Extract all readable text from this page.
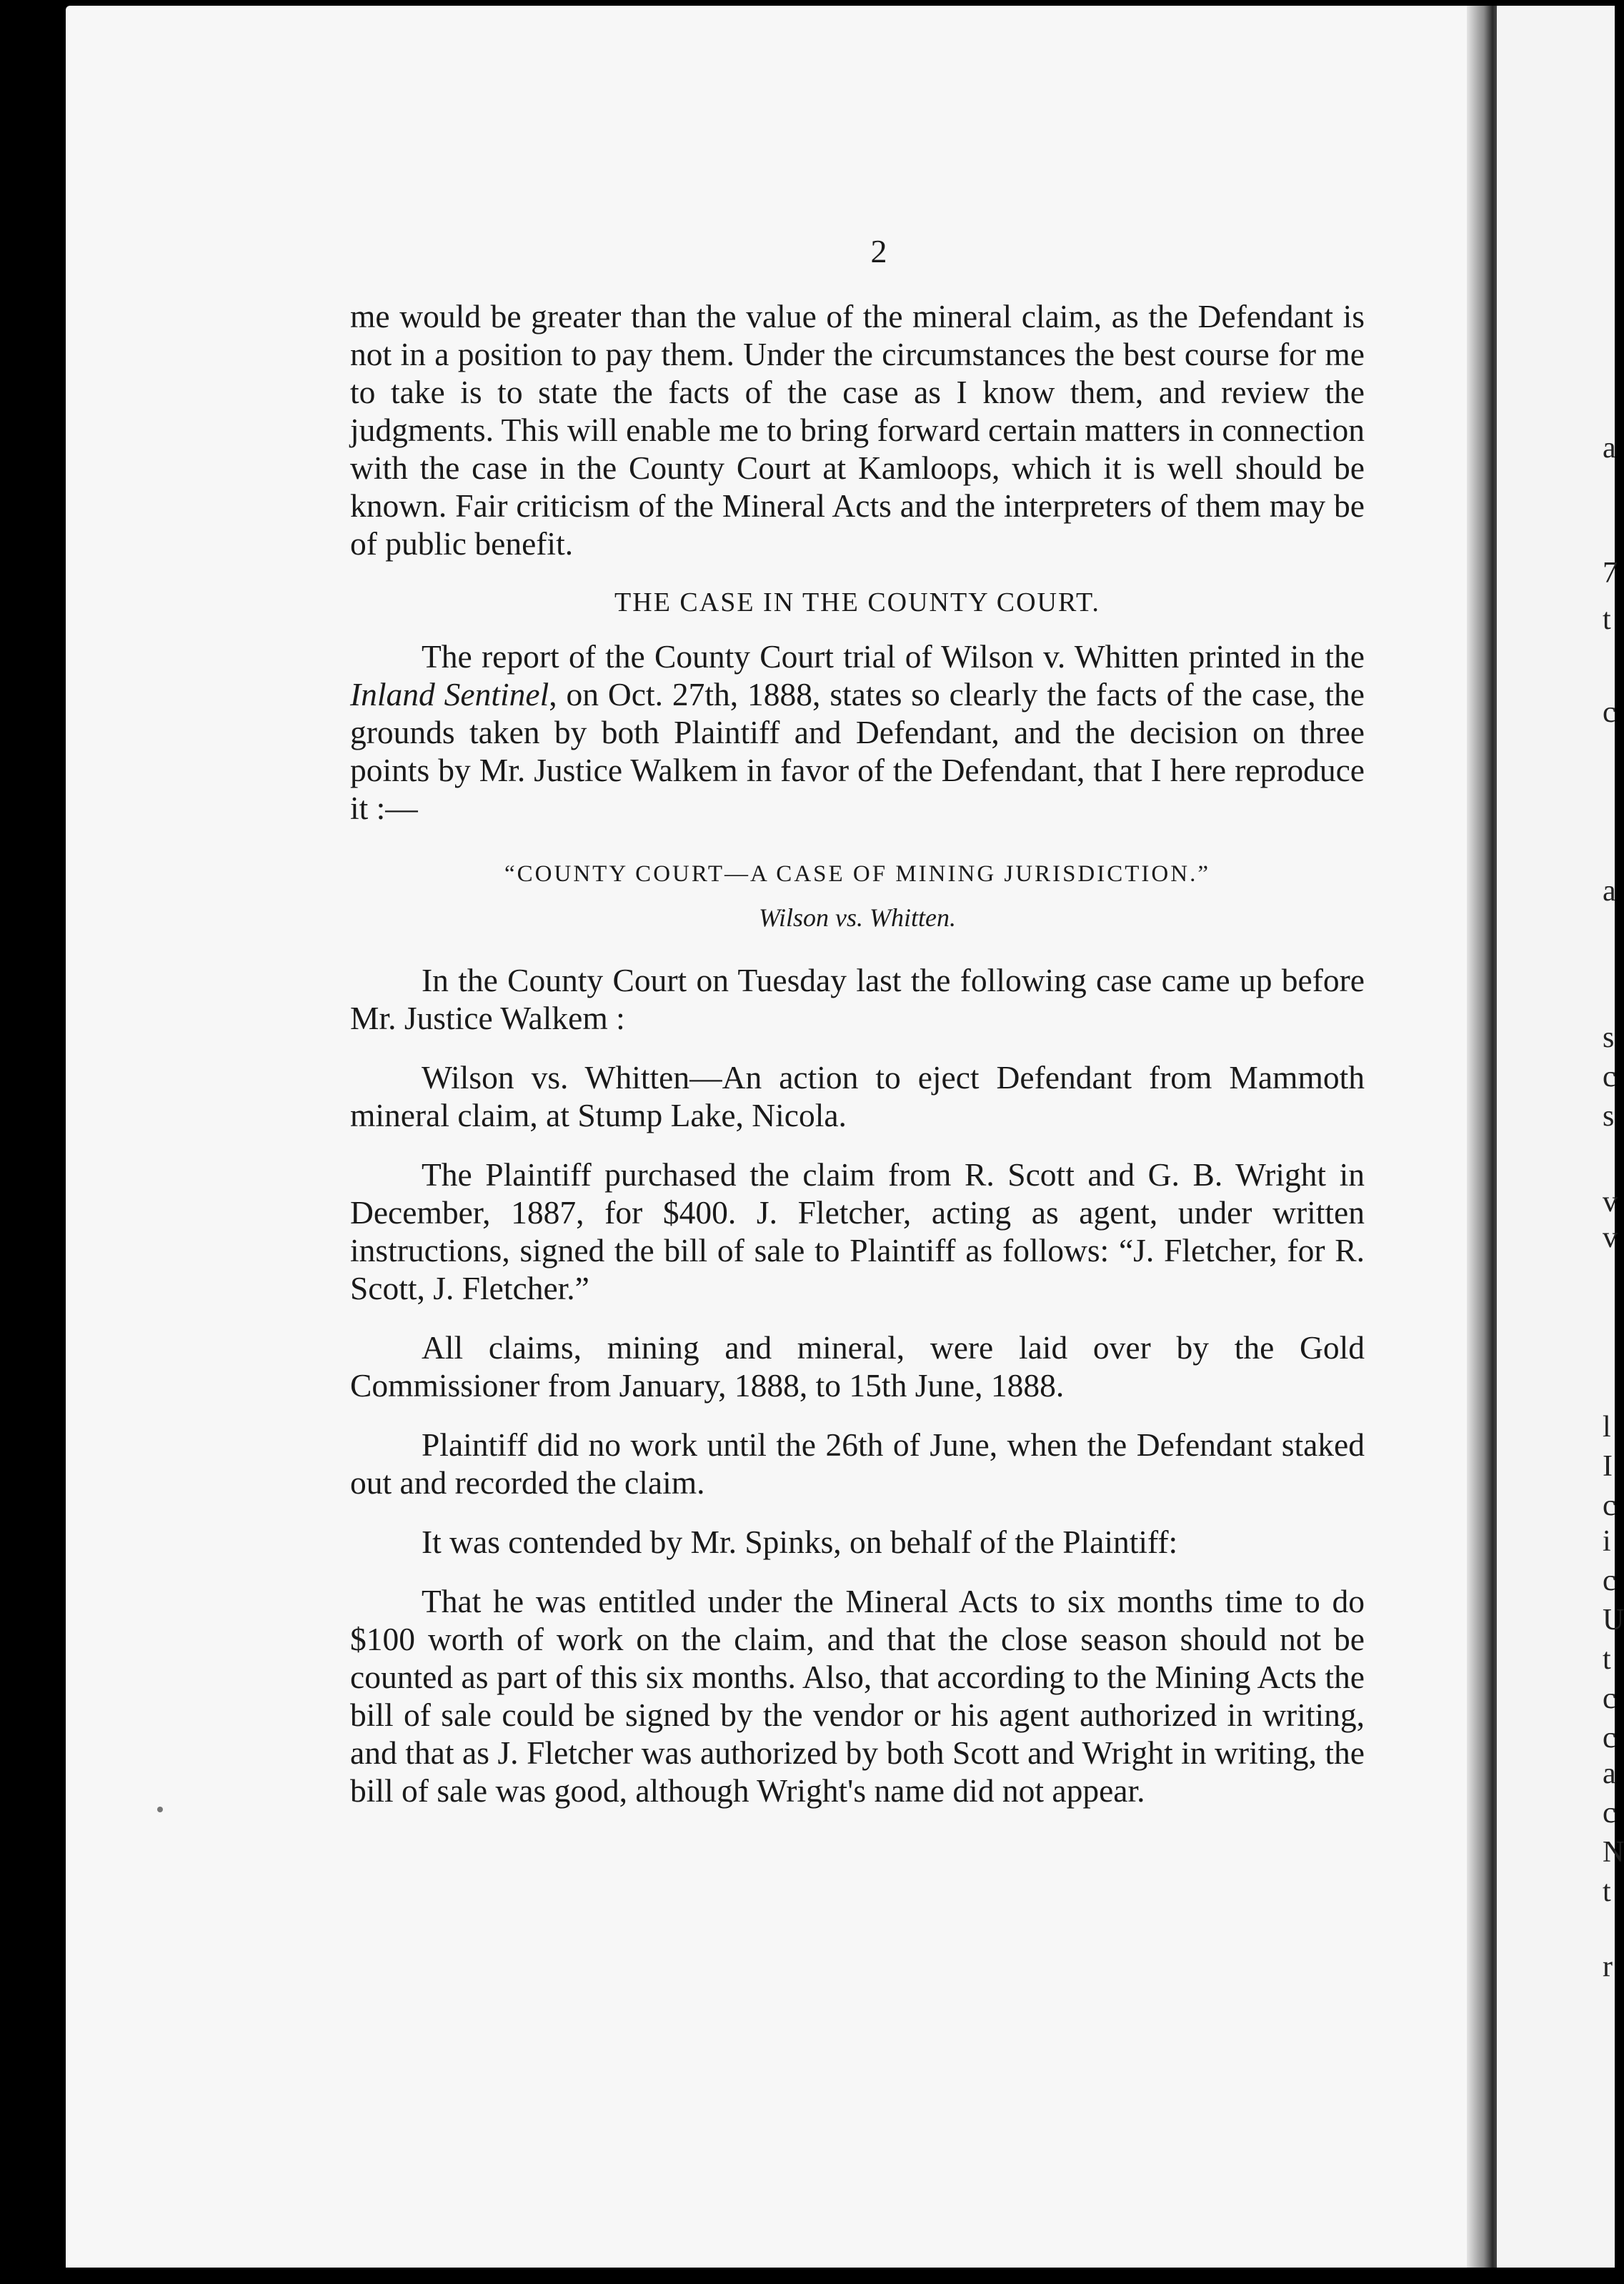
a
7
t
c
a
s
c
s
v
v
l
I
c
i
c
U
t
c
c
a
c
N
t
r
2

me would be greater than the value of the mineral claim, as the Defendant is not in a position to pay them. Under the circumstances the best course for me to take is to state the facts of the case as I know them, and review the judgments. This will enable me to bring forward certain matters in connection with the case in the County Court at Kamloops, which it is well should be known. Fair criticism of the Mineral Acts and the interpreters of them may be of public benefit.

THE CASE IN THE COUNTY COURT.

The report of the County Court trial of Wilson v. Whitten printed in the Inland Sentinel, on Oct. 27th, 1888, states so clearly the facts of the case, the grounds taken by both Plaintiff and Defendant, and the decision on three points by Mr. Justice Walkem in favor of the Defendant, that I here reproduce it :—

“COUNTY COURT—A CASE OF MINING JURISDICTION.”
Wilson vs. Whitten.

In the County Court on Tuesday last the following case came up before Mr. Justice Walkem :

Wilson vs. Whitten—An action to eject Defendant from Mammoth mineral claim, at Stump Lake, Nicola.

The Plaintiff purchased the claim from R. Scott and G. B. Wright in December, 1887, for $400. J. Fletcher, acting as agent, under written instructions, signed the bill of sale to Plaintiff as follows: “J. Fletcher, for R. Scott, J. Fletcher.”

All claims, mining and mineral, were laid over by the Gold Commissioner from January, 1888, to 15th June, 1888.

Plaintiff did no work until the 26th of June, when the Defendant staked out and recorded the claim.

It was contended by Mr. Spinks, on behalf of the Plaintiff:

That he was entitled under the Mineral Acts to six months time to do $100 worth of work on the claim, and that the close season should not be counted as part of this six months. Also, that according to the Mining Acts the bill of sale could be signed by the vendor or his agent authorized in writing, and that as J. Fletcher was authorized by both Scott and Wright in writing, the bill of sale was good, although Wright's name did not appear.
